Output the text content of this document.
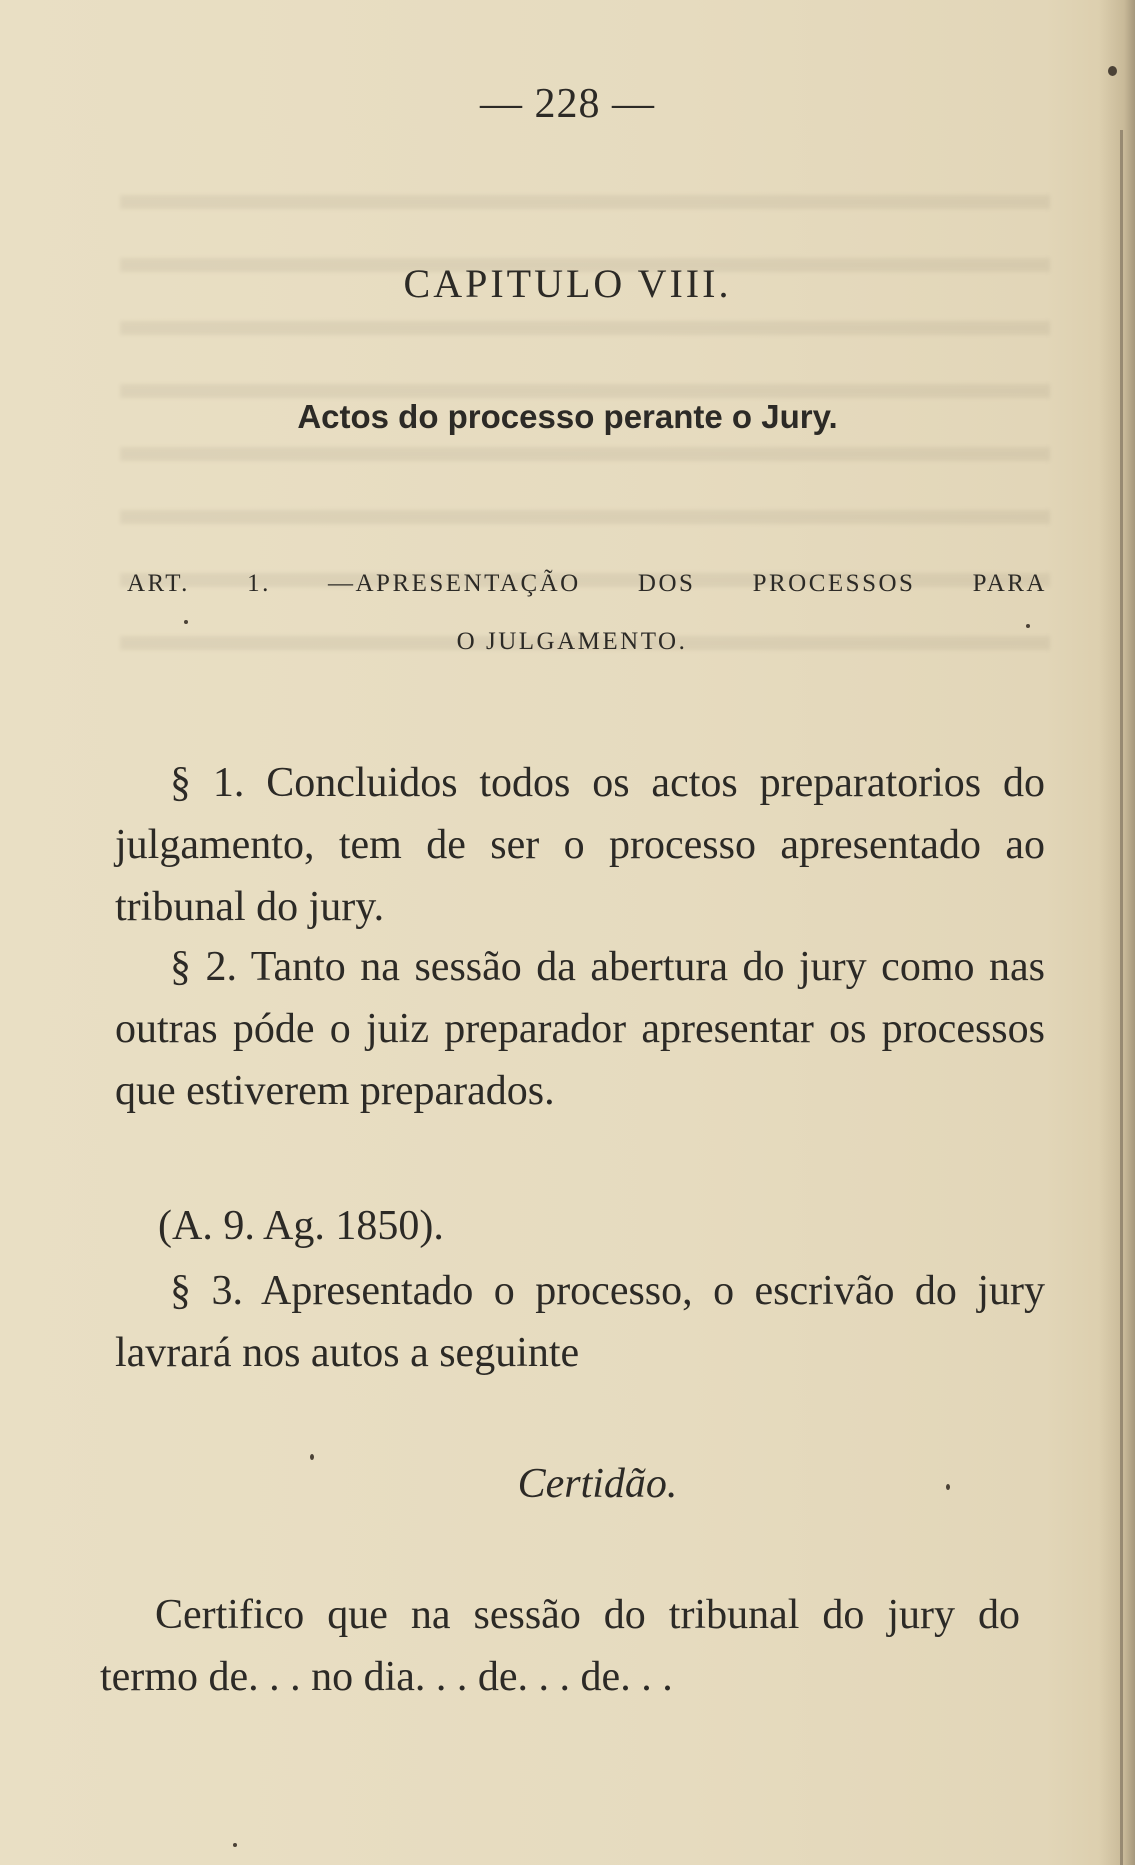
— 228 —
CAPITULO VIII.
Actos do processo perante o Jury.
ART. 1. —APRESENTAÇÃO DOS PROCESSOS PARA
O JULGAMENTO.
§ 1. Concluidos todos os actos preparatorios do julgamento, tem de ser o processo apresentado ao tribunal do jury.
§ 2. Tanto na sessão da abertura do jury como nas outras póde o juiz preparador apresentar os processos que estiverem preparados.
(A. 9. Ag. 1850).
§ 3. Apresentado o processo, o escrivão do jury lavrará nos autos a seguinte
Certidão.
Certifico que na sessão do tribunal do jury do termo de. . . no dia. . . de. . . de. . .
